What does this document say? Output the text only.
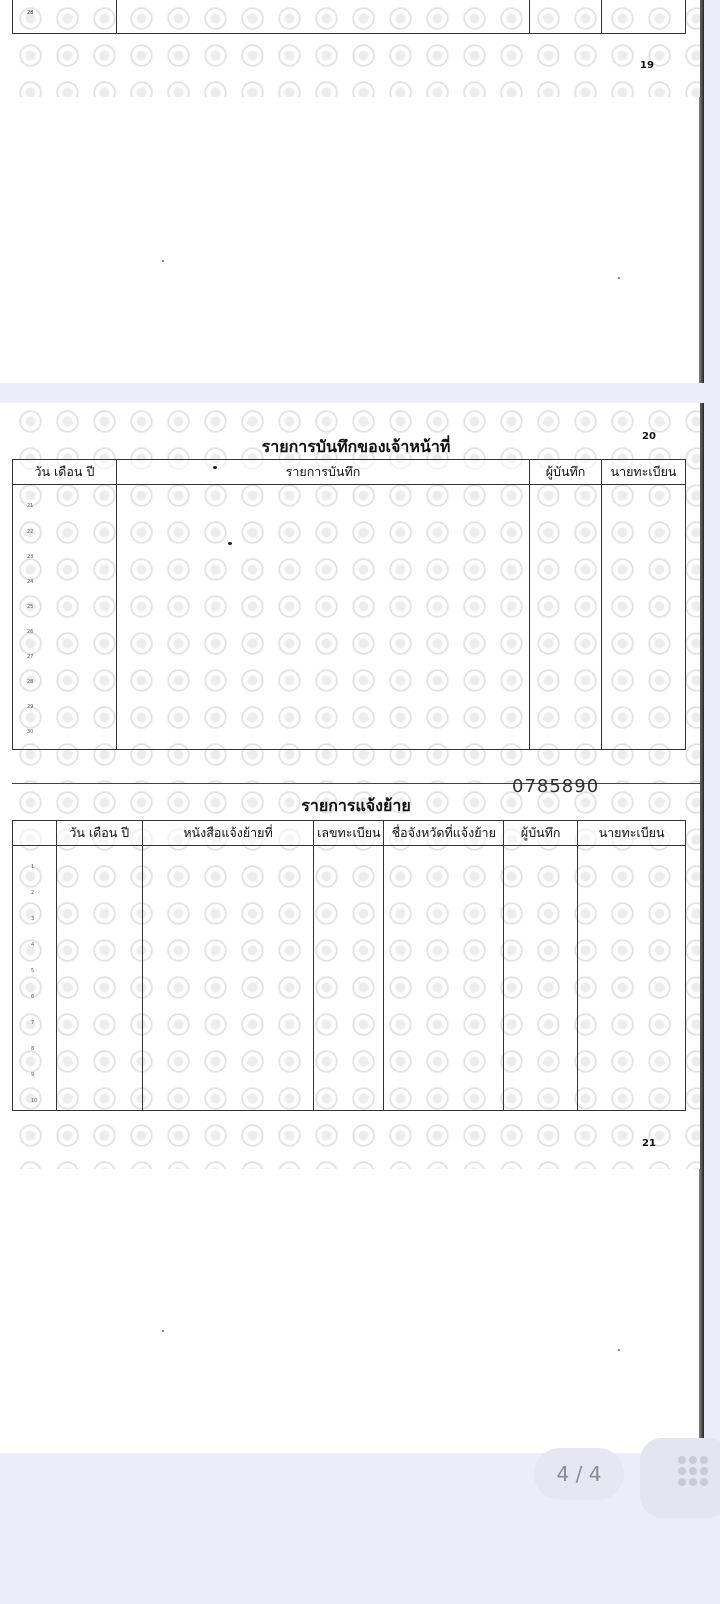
28

19
รายการบันทึกของเจ้าหน้าที่
20
วัน เดือน ปี	รายการบันทึก	ผู้บันทึก	นายทะเบียน

21
22
23
24
25
26
27
28
29
30
0785890
รายการแจ้งย้าย
	วัน เดือน ปี	หนังสือแจ้งย้ายที่	เลขทะเบียน	ชื่อจังหวัดที่แจ้งย้าย	ผู้บันทึก	นายทะเบียน

1
2
3
4
5
6
7
8
9
10
21
4 / 4
